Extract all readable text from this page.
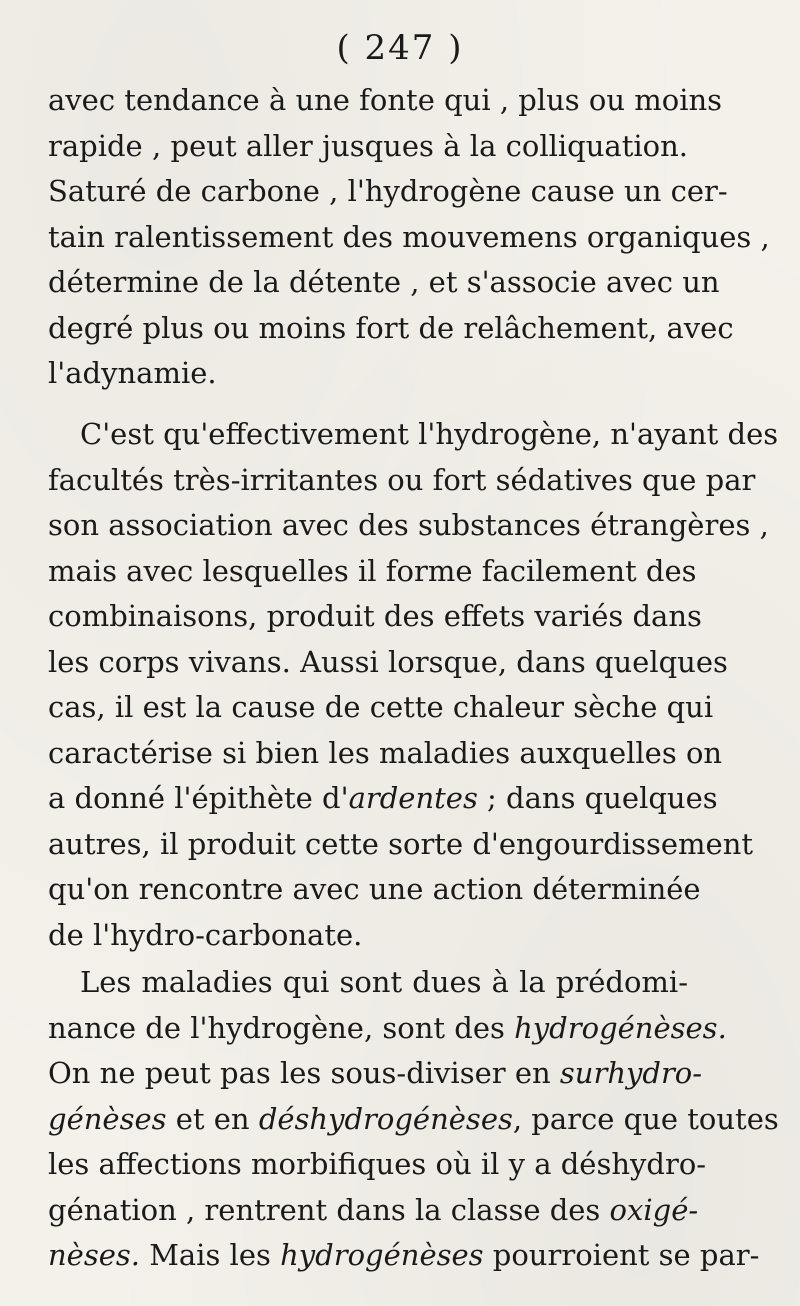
( 247 )
avec tendance à une fonte qui , plus ou moins
rapide , peut aller jusques à la colliquation.
Saturé de carbone , l'hydrogène cause un cer-
tain ralentissement des mouvemens organiques ,
détermine de la détente , et s'associe avec un
degré plus ou moins fort de relâchement, avec
l'adynamie.
C'est qu'effectivement l'hydrogène, n'ayant des
facultés très-irritantes ou fort sédatives que par
son association avec des substances étrangères ,
mais avec lesquelles il forme facilement des
combinaisons, produit des effets variés dans
les corps vivans. Aussi lorsque, dans quelques
cas, il est la cause de cette chaleur sèche qui
caractérise si bien les maladies auxquelles on
a donné l'épithète d'ardentes ; dans quelques
autres, il produit cette sorte d'engourdissement
qu'on rencontre avec une action déterminée
de l'hydro-carbonate.
Les maladies qui sont dues à la prédomi-
nance de l'hydrogène, sont des hydrogénèses.
On ne peut pas les sous-diviser en surhydro-
génèses et en déshydrogénèses, parce que toutes
les affections morbifiques où il y a déshydro-
génation , rentrent dans la classe des oxigé-
nèses. Mais les hydrogénèses pourroient se par-
